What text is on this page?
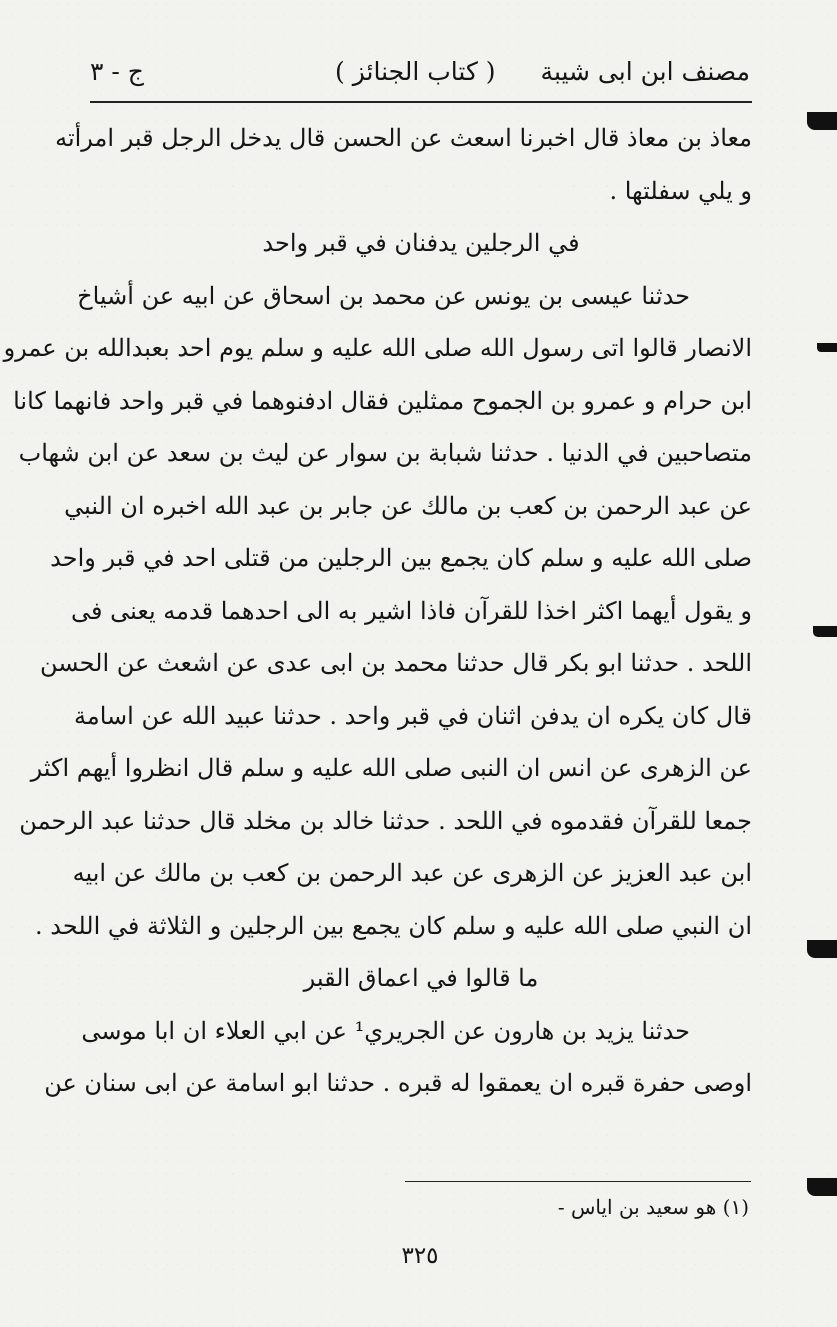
مصنف ابن ابی شیبة
( كتاب الجنائز )
ج - ٣
معاذ بن معاذ قال اخبرنا اسعث عن الحسن قال يدخل الرجل قبر امرأته
و يلي سفلتها .
في الرجلين يدفنان في قبر واحد
حدثنا عيسى بن يونس عن محمد بن اسحاق عن ابيه عن أشياخ
الانصار قالوا اتی رسول الله صلی الله علیه و سلم یوم احد بعبدالله بن عمرو
ابن حرام و عمرو بن الجموح ممثلين فقال ادفنوهما في قبر واحد فانهما كانا
متصاحبين في الدنيا . حدثنا شبابة بن سوار عن ليث بن سعد عن ابن شهاب
عن عبد الرحمن بن كعب بن مالك عن جابر بن عبد الله اخبره ان النبي
صلى الله عليه و سلم كان يجمع بين الرجلين من قتلى احد في قبر واحد
و يقول أيهما اكثر اخذا للقرآن فاذا اشير به الى احدهما قدمه يعنى فى
اللحد . حدثنا ابو بكر قال حدثنا محمد بن ابى عدى عن اشعث عن الحسن
قال كان يكره ان يدفن اثنان في قبر واحد . حدثنا عبيد الله عن اسامة
عن الزهرى عن انس ان النبى صلى الله عليه و سلم قال انظروا أيهم اكثر
جمعا للقرآن فقدموه في اللحد . حدثنا خالد بن مخلد قال حدثنا عبد الرحمن
ابن عبد العزيز عن الزهرى عن عبد الرحمن بن كعب بن مالك عن ابيه
ان النبي صلى الله عليه و سلم كان يجمع بين الرجلين و الثلاثة في اللحد .
ما قالوا في اعماق القبر
حدثنا يزيد بن هارون عن الجريري¹ عن ابي العلاء ان ابا موسى
اوصى حفرة قبره ان يعمقوا له قبره . حدثنا ابو اسامة عن ابى سنان عن
(١) هو سعيد بن اياس -
٣٢٥
